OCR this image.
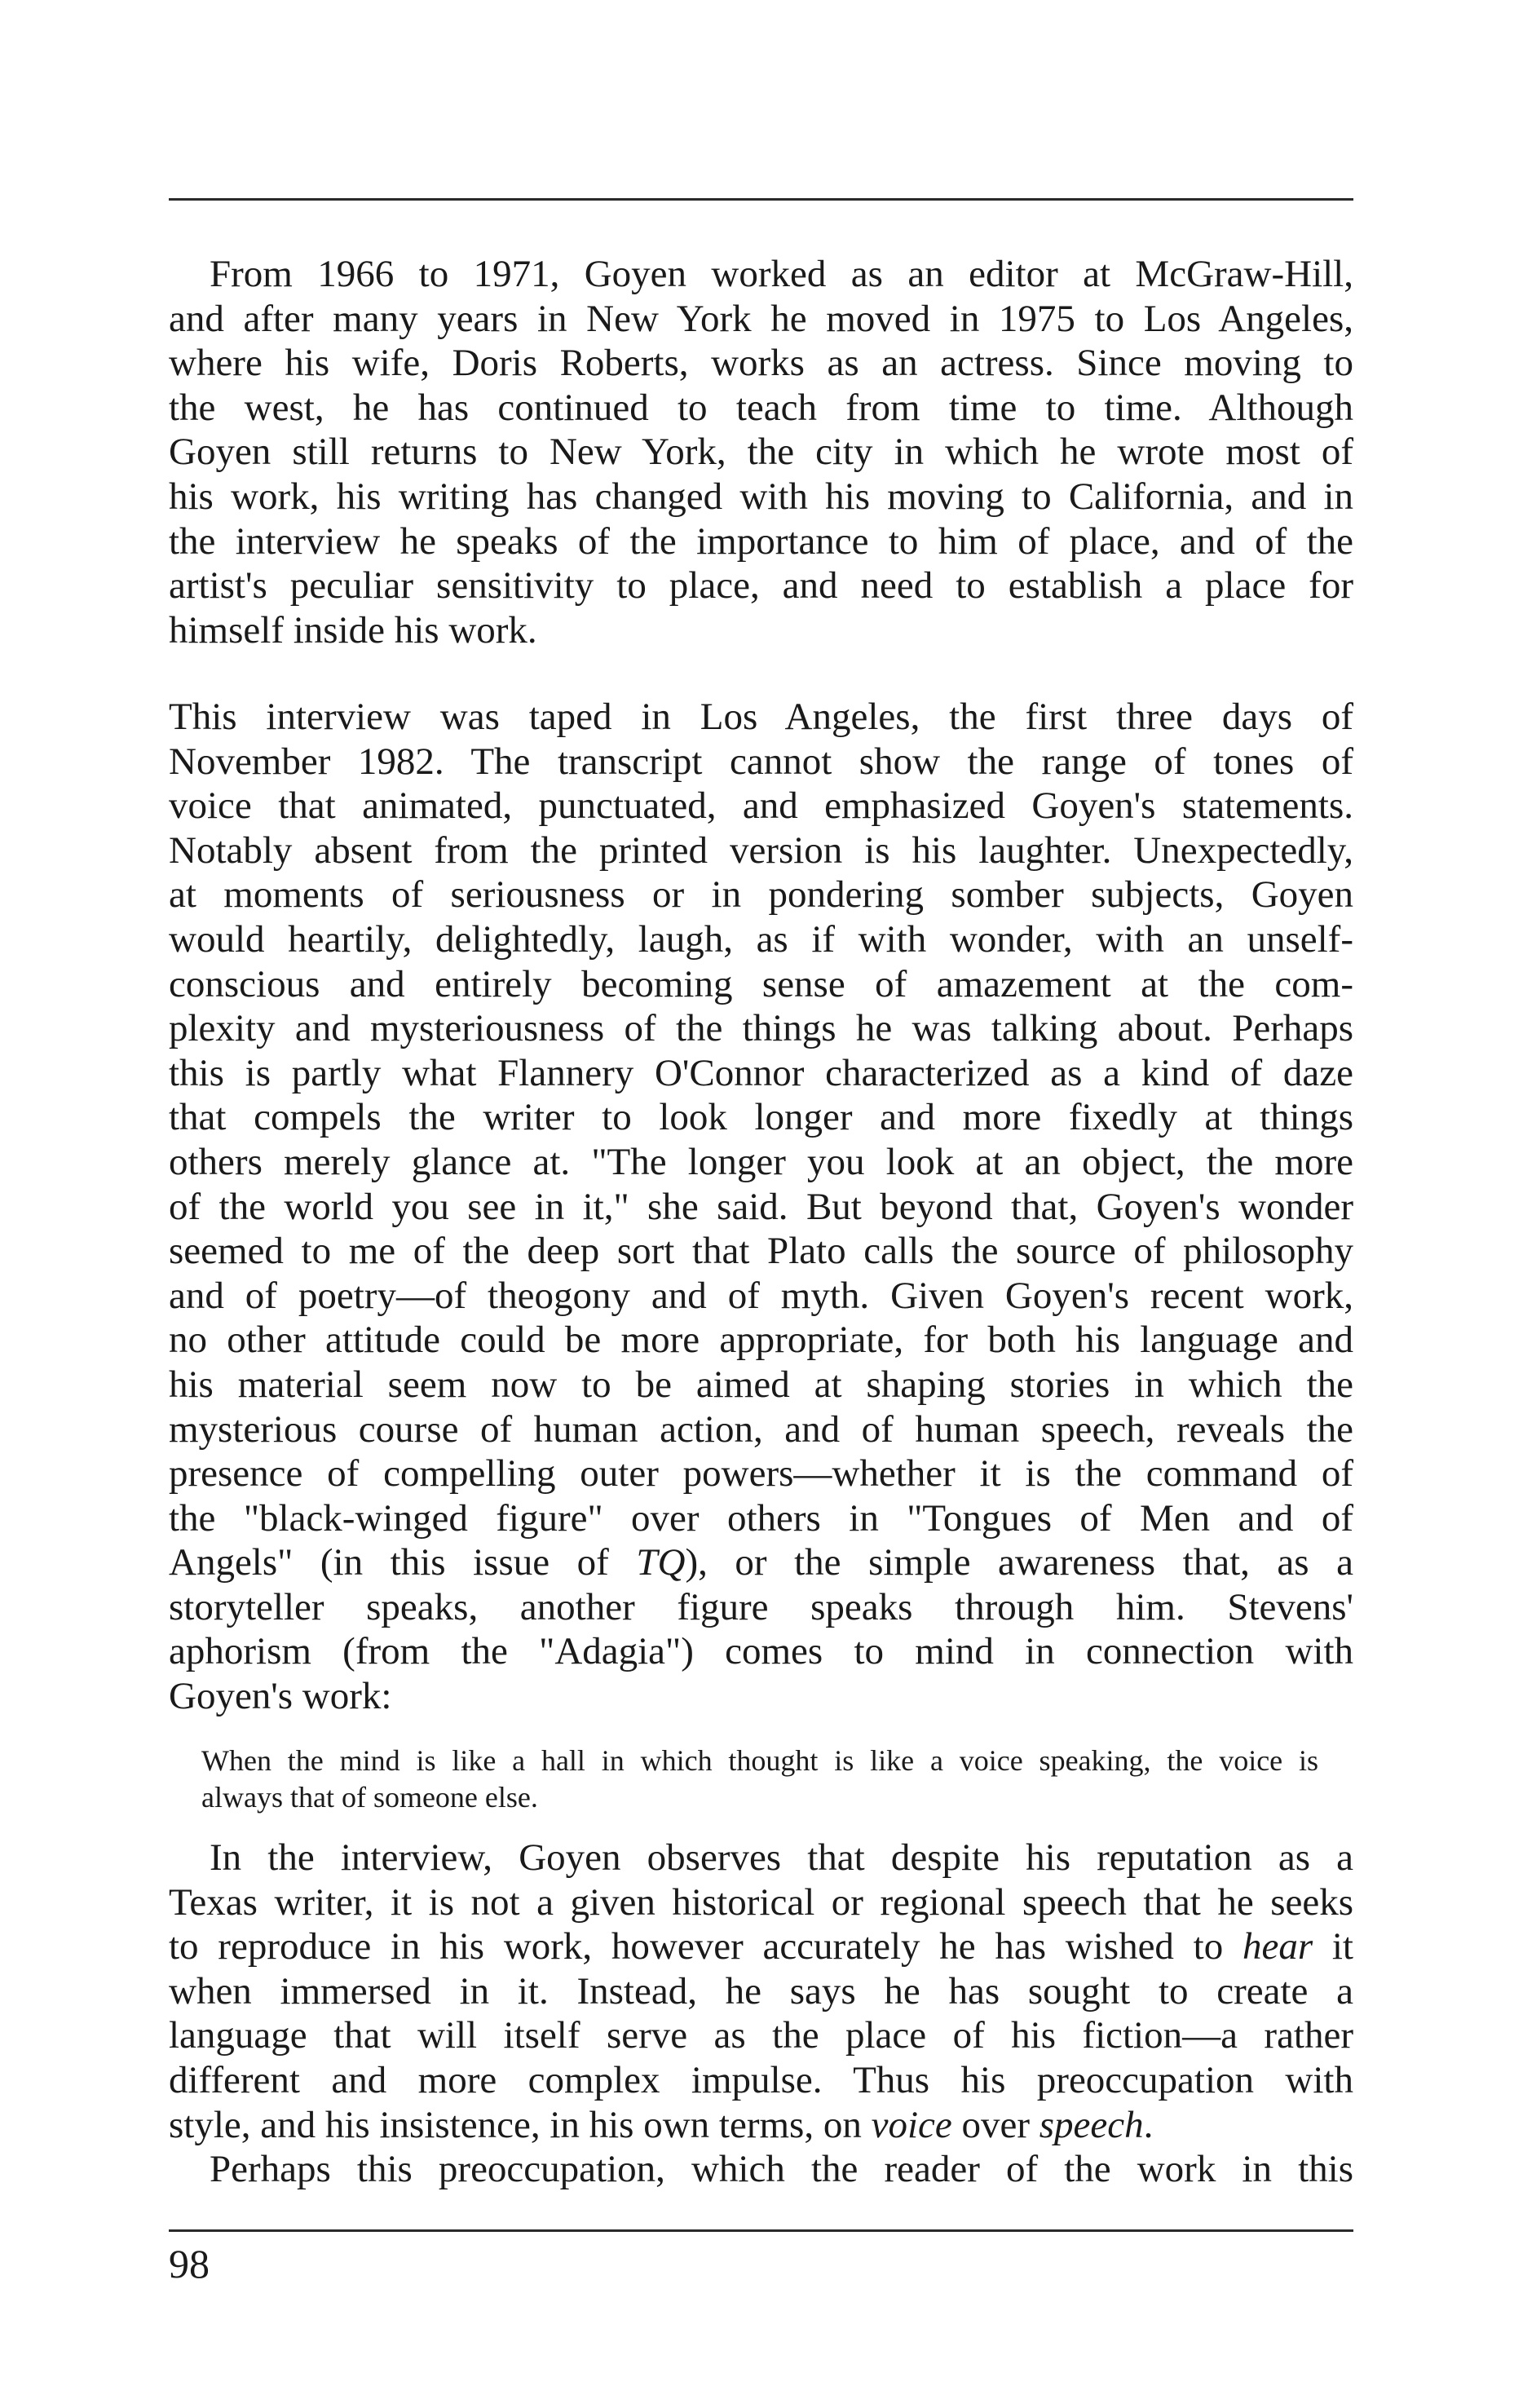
From 1966 to 1971, Goyen worked as an editor at McGraw-Hill,
and after many years in New York he moved in 1975 to Los Angeles,
where his wife, Doris Roberts, works as an actress. Since moving to
the west, he has continued to teach from time to time. Although
Goyen still returns to New York, the city in which he wrote most of
his work, his writing has changed with his moving to California, and in
the interview he speaks of the importance to him of place, and of the
artist's peculiar sensitivity to place, and need to establish a place for
himself inside his work.
This interview was taped in Los Angeles, the first three days of
November 1982. The transcript cannot show the range of tones of
voice that animated, punctuated, and emphasized Goyen's statements.
Notably absent from the printed version is his laughter. Unexpectedly,
at moments of seriousness or in pondering somber subjects, Goyen
would heartily, delightedly, laugh, as if with wonder, with an unself-
conscious and entirely becoming sense of amazement at the com-
plexity and mysteriousness of the things he was talking about. Perhaps
this is partly what Flannery O'Connor characterized as a kind of daze
that compels the writer to look longer and more fixedly at things
others merely glance at. "The longer you look at an object, the more
of the world you see in it," she said. But beyond that, Goyen's wonder
seemed to me of the deep sort that Plato calls the source of philosophy
and of poetry—of theogony and of myth. Given Goyen's recent work,
no other attitude could be more appropriate, for both his language and
his material seem now to be aimed at shaping stories in which the
mysterious course of human action, and of human speech, reveals the
presence of compelling outer powers—whether it is the command of
the "black-winged figure" over others in "Tongues of Men and of
Angels" (in this issue of TQ), or the simple awareness that, as a
storyteller speaks, another figure speaks through him. Stevens'
aphorism (from the "Adagia") comes to mind in connection with
Goyen's work:
When the mind is like a hall in which thought is like a voice speaking, the voice is
always that of someone else.
In the interview, Goyen observes that despite his reputation as a
Texas writer, it is not a given historical or regional speech that he seeks
to reproduce in his work, however accurately he has wished to hear it
when immersed in it. Instead, he says he has sought to create a
language that will itself serve as the place of his fiction—a rather
different and more complex impulse. Thus his preoccupation with
style, and his insistence, in his own terms, on voice over speech.
Perhaps this preoccupation, which the reader of the work in this
98
